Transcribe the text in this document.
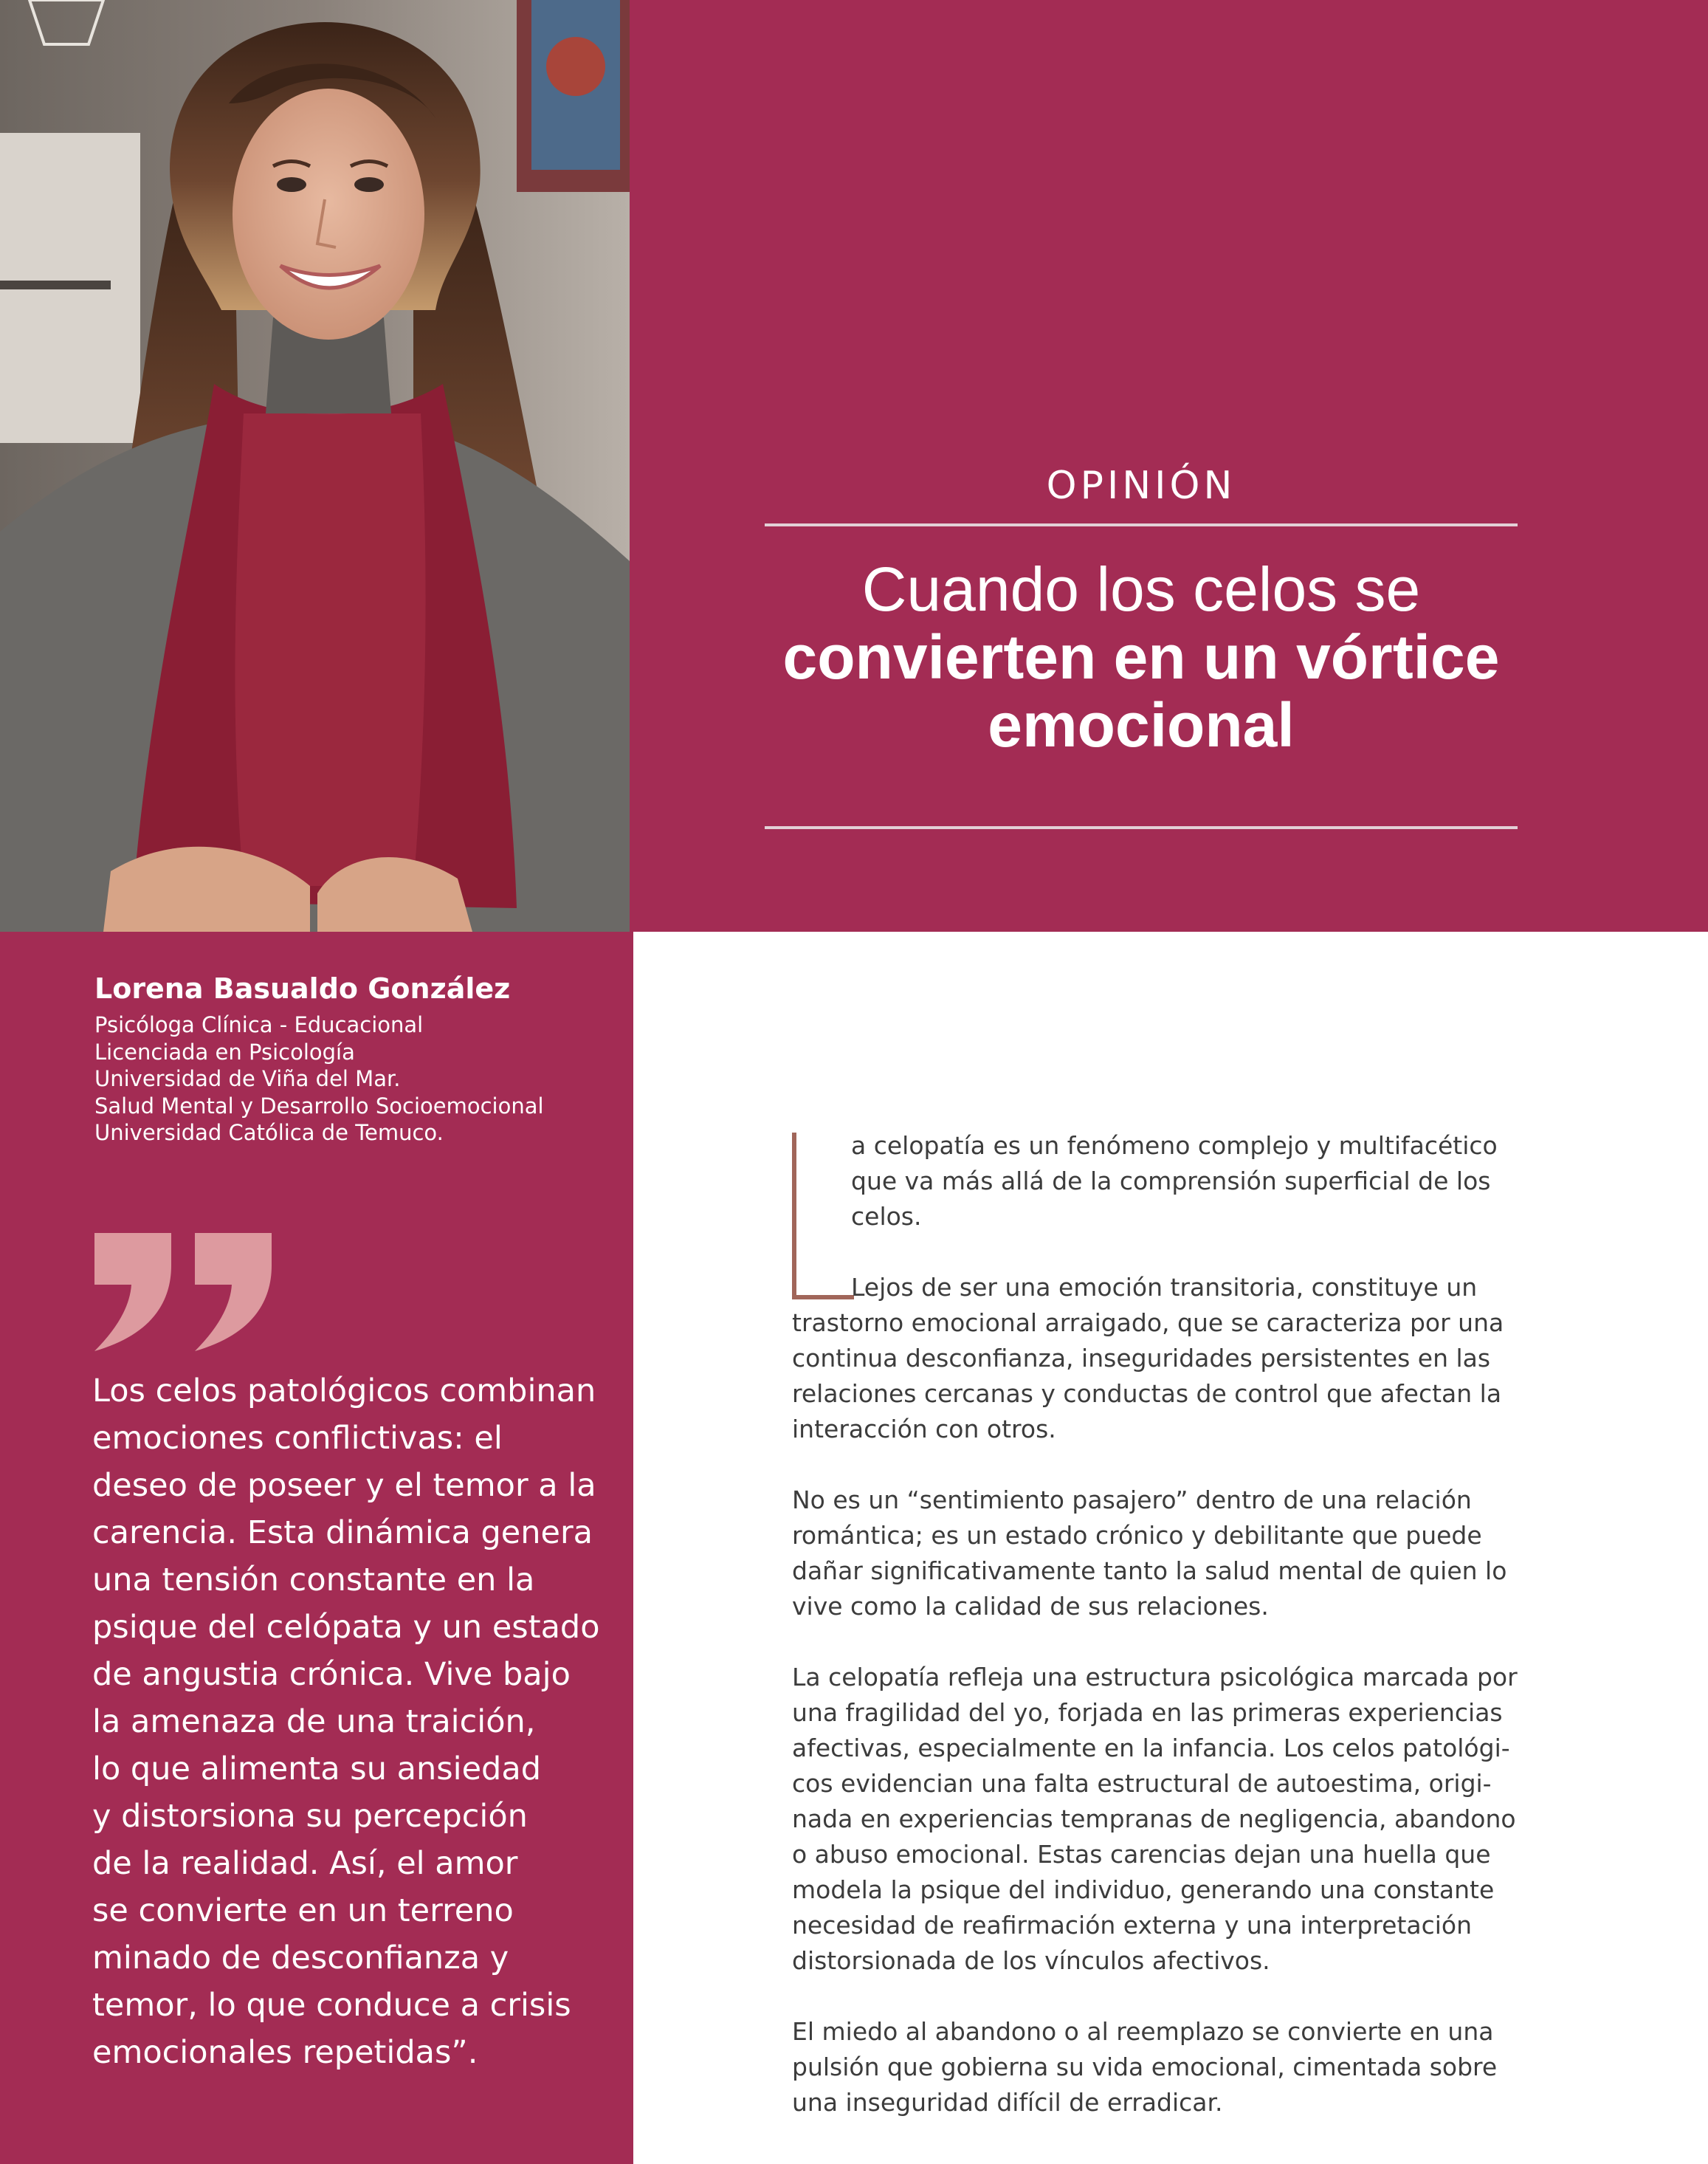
OPINIÓN
Cuando los celos se
convierten en un vórtice
emocional
Lorena Basualdo González
Psicóloga Clínica - Educacional
Licenciada en Psicología
Universidad de Viña del Mar.
Salud Mental y Desarrollo Socioemocional
Universidad Católica de Temuco.
Los celos patológicos combinan
emociones conflictivas: el
deseo de poseer y el temor a la
carencia. Esta dinámica genera
una tensión constante en la
psique del celópata y un estado
de angustia crónica. Vive bajo
la amenaza de una traición,
lo que alimenta su ansiedad
y distorsiona su percepción
de la realidad. Así, el amor
se convierte en un terreno
minado de desconfianza y
temor, lo que conduce a crisis
emocionales repetidas”.
a celopatía es un fenómeno complejo y multifacético
que va más allá de la comprensión superficial de los
celos.
Lejos de ser una emoción transitoria, constituye un
trastorno emocional arraigado, que se caracteriza por una
continua desconfianza, inseguridades persistentes en las
relaciones cercanas y conductas de control que afectan la
interacción con otros.
No es un “sentimiento pasajero” dentro de una relación
romántica; es un estado crónico y debilitante que puede
dañar significativamente tanto la salud mental de quien lo
vive como la calidad de sus relaciones.
La celopatía refleja una estructura psicológica marcada por
una fragilidad del yo, forjada en las primeras experiencias
afectivas, especialmente en la infancia. Los celos patológi-
cos evidencian una falta estructural de autoestima, origi-
nada en experiencias tempranas de negligencia, abandono
o abuso emocional. Estas carencias dejan una huella que
modela la psique del individuo, generando una constante
necesidad de reafirmación externa y una interpretación
distorsionada de los vínculos afectivos.
El miedo al abandono o al reemplazo se convierte en una
pulsión que gobierna su vida emocional, cimentada sobre
una inseguridad difícil de erradicar.
